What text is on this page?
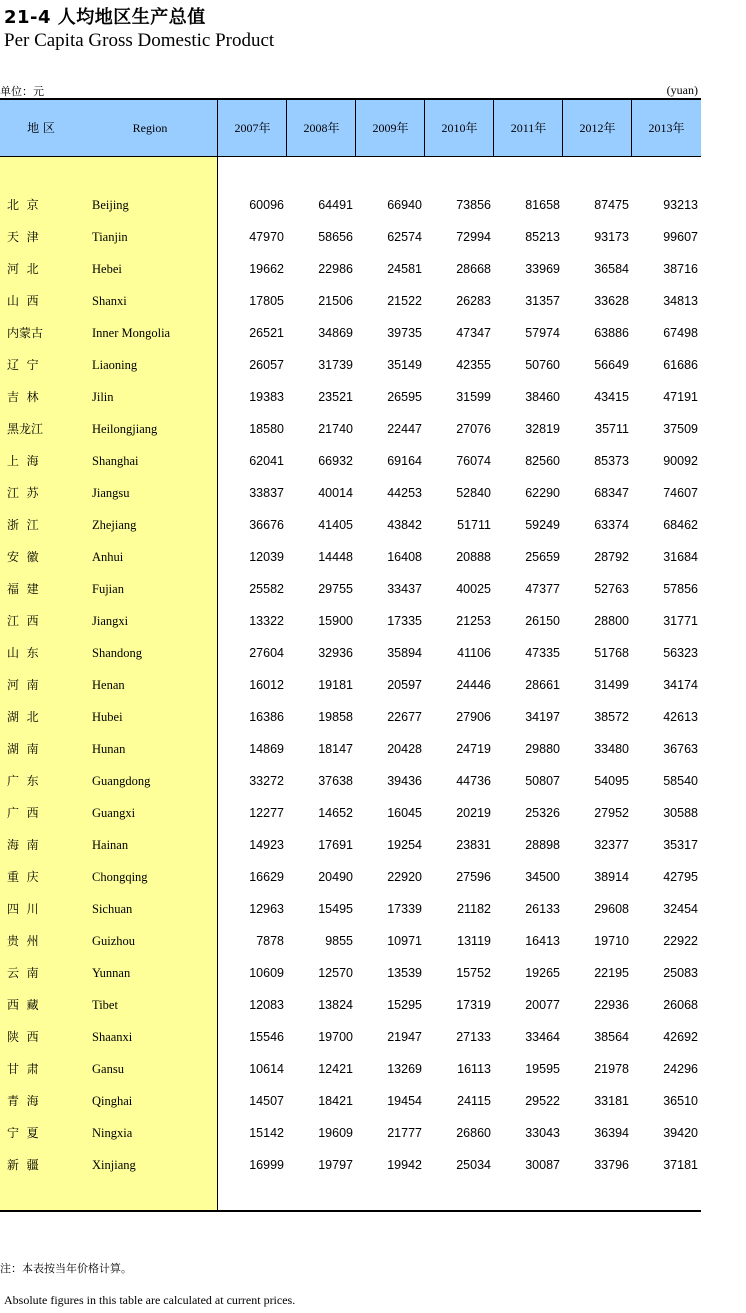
21-4 人均地区生产总值
Per Capita Gross Domestic Product
单位：元	(yuan)
地 区	Region	2007年	2008年	2009年	2010年	2011年	2012年	2013年
北  京	Beijing	60096	64491	66940	73856	81658	87475	93213
天  津	Tianjin	47970	58656	62574	72994	85213	93173	99607
河  北	Hebei	19662	22986	24581	28668	33969	36584	38716
山  西	Shanxi	17805	21506	21522	26283	31357	33628	34813
内蒙古	Inner Mongolia	26521	34869	39735	47347	57974	63886	67498
辽  宁	Liaoning	26057	31739	35149	42355	50760	56649	61686
吉  林	Jilin	19383	23521	26595	31599	38460	43415	47191
黑龙江	Heilongjiang	18580	21740	22447	27076	32819	35711	37509
上  海	Shanghai	62041	66932	69164	76074	82560	85373	90092
江  苏	Jiangsu	33837	40014	44253	52840	62290	68347	74607
浙  江	Zhejiang	36676	41405	43842	51711	59249	63374	68462
安  徽	Anhui	12039	14448	16408	20888	25659	28792	31684
福  建	Fujian	25582	29755	33437	40025	47377	52763	57856
江  西	Jiangxi	13322	15900	17335	21253	26150	28800	31771
山  东	Shandong	27604	32936	35894	41106	47335	51768	56323
河  南	Henan	16012	19181	20597	24446	28661	31499	34174
湖  北	Hubei	16386	19858	22677	27906	34197	38572	42613
湖  南	Hunan	14869	18147	20428	24719	29880	33480	36763
广  东	Guangdong	33272	37638	39436	44736	50807	54095	58540
广  西	Guangxi	12277	14652	16045	20219	25326	27952	30588
海  南	Hainan	14923	17691	19254	23831	28898	32377	35317
重  庆	Chongqing	16629	20490	22920	27596	34500	38914	42795
四  川	Sichuan	12963	15495	17339	21182	26133	29608	32454
贵  州	Guizhou	7878	9855	10971	13119	16413	19710	22922
云  南	Yunnan	10609	12570	13539	15752	19265	22195	25083
西  藏	Tibet	12083	13824	15295	17319	20077	22936	26068
陕  西	Shaanxi	15546	19700	21947	27133	33464	38564	42692
甘  肃	Gansu	10614	12421	13269	16113	19595	21978	24296
青  海	Qinghai	14507	18421	19454	24115	29522	33181	36510
宁  夏	Ningxia	15142	19609	21777	26860	33043	36394	39420
新  疆	Xinjiang	16999	19797	19942	25034	30087	33796	37181
注：本表按当年价格计算。
Absolute figures in this table are calculated at current prices.
